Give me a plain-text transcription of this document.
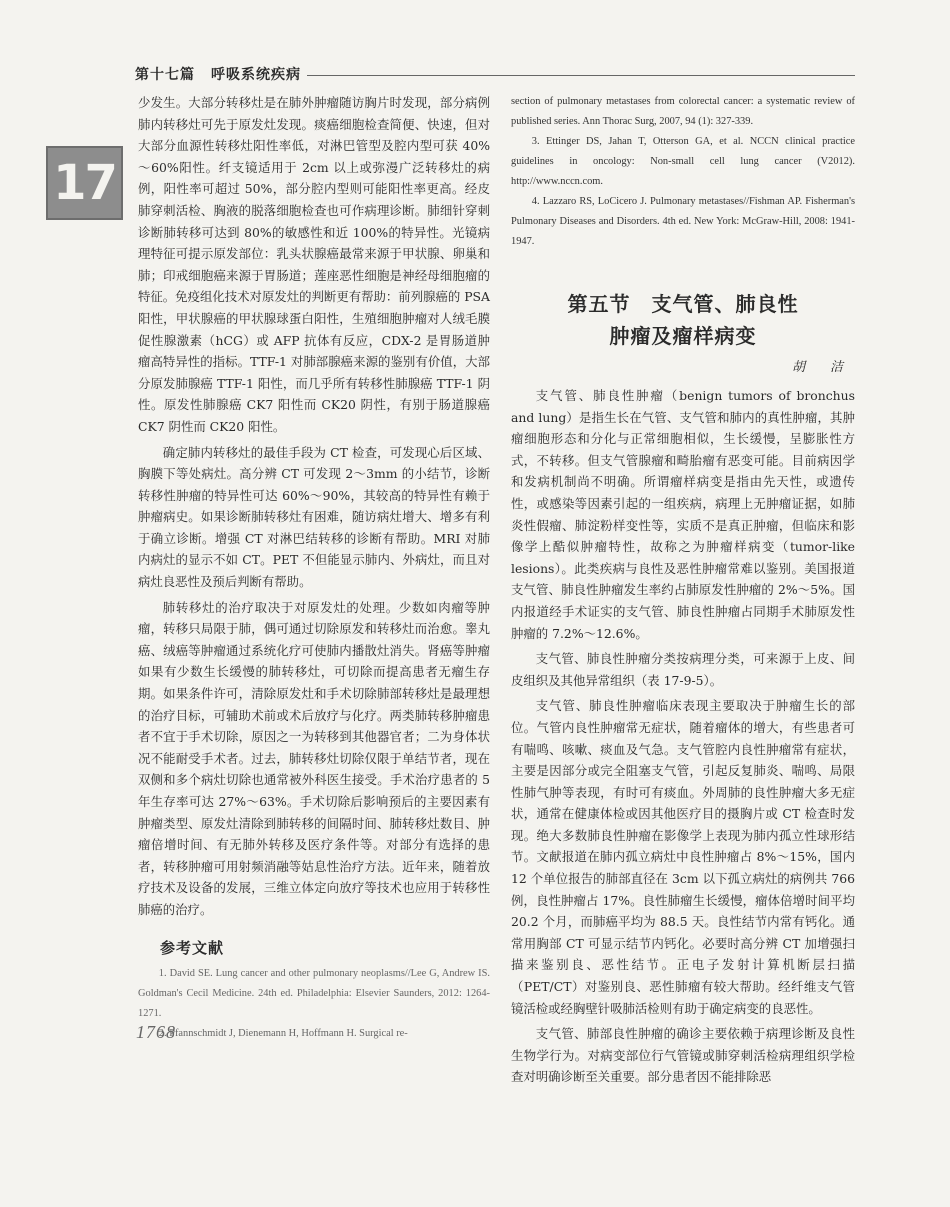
第十七篇 呼吸系统疾病
17

少发生。大部分转移灶是在肺外肿瘤随访胸片时发现，部分病例肺内转移灶可先于原发灶发现。痰癌细胞检查简便、快速，但对大部分血源性转移灶阳性率低，对淋巴管型及腔内型可获 40%～60%阳性。纤支镜适用于 2cm 以上或弥漫广泛转移灶的病例，阳性率可超过 50%，部分腔内型则可能阳性率更高。经皮肺穿刺活检、胸液的脱落细胞检查也可作病理诊断。肺细针穿刺诊断肺转移可达到 80%的敏感性和近 100%的特异性。光镜病理特征可提示原发部位：乳头状腺癌最常来源于甲状腺、卵巢和肺；印戒细胞癌来源于胃肠道；莲座恶性细胞是神经母细胞瘤的特征。免疫组化技术对原发灶的判断更有帮助：前列腺癌的 PSA 阳性，甲状腺癌的甲状腺球蛋白阳性，生殖细胞肿瘤对人绒毛膜促性腺激素（hCG）或 AFP 抗体有反应，CDX-2 是胃肠道肿瘤高特异性的指标。TTF-1 对肺部腺癌来源的鉴别有价值，大部分原发肺腺癌 TTF-1 阳性，而几乎所有转移性肺腺癌 TTF-1 阴性。原发性肺腺癌 CK7 阳性而 CK20 阴性，有别于肠道腺癌 CK7 阴性而 CK20 阳性。

确定肺内转移灶的最佳手段为 CT 检查，可发现心后区域、胸膜下等处病灶。高分辨 CT 可发现 2～3mm 的小结节，诊断转移性肿瘤的特异性可达 60%～90%，其较高的特异性有赖于肿瘤病史。如果诊断肺转移灶有困难，随访病灶增大、增多有利于确立诊断。增强 CT 对淋巴结转移的诊断有帮助。MRI 对肺内病灶的显示不如 CT。PET 不但能显示肺内、外病灶，而且对病灶良恶性及预后判断有帮助。

肺转移灶的治疗取决于对原发灶的处理。少数如肉瘤等肿瘤，转移只局限于肺，偶可通过切除原发和转移灶而治愈。睾丸癌、绒癌等肿瘤通过系统化疗可使肺内播散灶消失。肾癌等肿瘤如果有少数生长缓慢的肺转移灶，可切除而提高患者无瘤生存期。如果条件许可，清除原发灶和手术切除肺部转移灶是最理想的治疗目标，可辅助术前或术后放疗与化疗。两类肺转移肿瘤患者不宜于手术切除，原因之一为转移到其他器官者；二为身体状况不能耐受手术者。过去，肺转移灶切除仅限于单结节者，现在双侧和多个病灶切除也通常被外科医生接受。手术治疗患者的 5 年生存率可达 27%～63%。手术切除后影响预后的主要因素有肿瘤类型、原发灶清除到肺转移的间隔时间、肺转移灶数目、肿瘤倍增时间、有无肺外转移及医疗条件等。对部分有选择的患者，转移肿瘤可用射频消融等姑息性治疗方法。近年来，随着放疗技术及设备的发展，三维立体定向放疗等技术也应用于转移性肺癌的治疗。

参考文献
1. David SE. Lung cancer and other pulmonary neoplasms//Lee G, Andrew IS. Goldman's Cecil Medicine. 24th ed. Philadelphia: Elsevier Saunders, 2012: 1264-1271.
2. Pfannschmidt J, Dienemann H, Hoffmann H. Surgical re-
section of pulmonary metastases from colorectal cancer: a systematic review of published series. Ann Thorac Surg, 2007, 94 (1): 327-339.
3. Ettinger DS, Jahan T, Otterson GA, et al. NCCN clinical practice guidelines in oncology: Non-small cell lung cancer (V2012). http://www.nccn.com.
4. Lazzaro RS, LoCicero J. Pulmonary metastases//Fishman AP. Fisherman's Pulmonary Diseases and Disorders. 4th ed. New York: McGraw-Hill, 2008: 1941-1947.
第五节　支气管、肺良性
肿瘤及瘤样病变
胡　洁

支气管、肺良性肿瘤（benign tumors of bronchus and lung）是指生长在气管、支气管和肺内的真性肿瘤，其肿瘤细胞形态和分化与正常细胞相似，生长缓慢，呈膨胀性方式，不转移。但支气管腺瘤和畸胎瘤有恶变可能。目前病因学和发病机制尚不明确。所谓瘤样病变是指由先天性，或遗传性，或感染等因素引起的一组疾病，病理上无肿瘤证据，如肺炎性假瘤、肺淀粉样变性等，实质不是真正肿瘤，但临床和影像学上酷似肿瘤特性，故称之为肿瘤样病变（tumor-like lesions）。此类疾病与良性及恶性肿瘤常难以鉴别。美国报道支气管、肺良性肿瘤发生率约占肺原发性肿瘤的 2%～5%。国内报道经手术证实的支气管、肺良性肿瘤占同期手术肺原发性肿瘤的 7.2%～12.6%。

支气管、肺良性肿瘤分类按病理分类，可来源于上皮、间皮组织及其他异常组织（表 17-9-5）。

支气管、肺良性肿瘤临床表现主要取决于肿瘤生长的部位。气管内良性肿瘤常无症状，随着瘤体的增大，有些患者可有喘鸣、咳嗽、痰血及气急。支气管腔内良性肿瘤常有症状，主要是因部分或完全阻塞支气管，引起反复肺炎、喘鸣、局限性肺气肿等表现，有时可有痰血。外周肺的良性肿瘤大多无症状，通常在健康体检或因其他医疗目的摄胸片或 CT 检查时发现。绝大多数肺良性肿瘤在影像学上表现为肺内孤立性球形结节。文献报道在肺内孤立病灶中良性肿瘤占 8%～15%，国内 12 个单位报告的肺部直径在 3cm 以下孤立病灶的病例共 766 例，良性肿瘤占 17%。良性肺瘤生长缓慢，瘤体倍增时间平均 20.2 个月，而肺癌平均为 88.5 天。良性结节内常有钙化。通常用胸部 CT 可显示结节内钙化。必要时高分辨 CT 加增强扫描来鉴别良、恶性结节。正电子发射计算机断层扫描（PET/CT）对鉴别良、恶性肺瘤有较大帮助。经纤维支气管镜活检或经胸壁针吸肺活检则有助于确定病变的良恶性。

支气管、肺部良性肿瘤的确诊主要依赖于病理诊断及良性生物学行为。对病变部位行气管镜或肺穿刺活检病理组织学检查对明确诊断至关重要。部分患者因不能排除恶

1768
